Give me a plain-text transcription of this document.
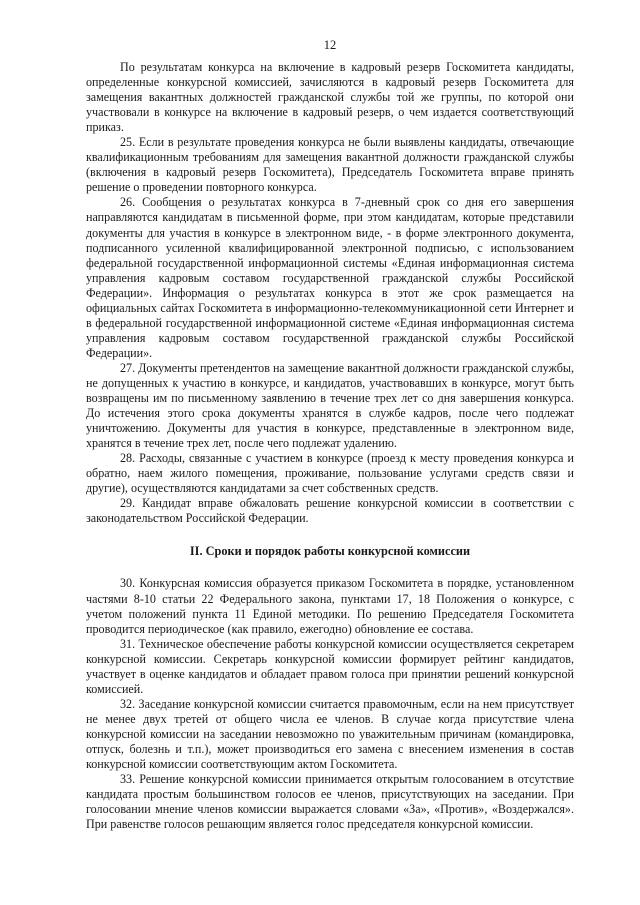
12

По результатам конкурса на включение в кадровый резерв Госкомитета кандидаты, определенные конкурсной комиссией, зачисляются в кадровый резерв Госкомитета для замещения вакантных должностей гражданской службы той же группы, по которой они участвовали в конкурсе на включение в кадровый резерв, о чем издается соответствующий приказ.

25. Если в результате проведения конкурса не были выявлены кандидаты, отвечающие квалификационным требованиям для замещения вакантной должности гражданской службы (включения в кадровый резерв Госкомитета), Председатель Госкомитета вправе принять решение о проведении повторного конкурса.

26. Сообщения о результатах конкурса в 7-дневный срок со дня его завершения направляются кандидатам в письменной форме, при этом кандидатам, которые представили документы для участия в конкурсе в электронном виде, - в форме электронного документа, подписанного усиленной квалифицированной электронной подписью, с использованием федеральной государственной информационной системы «Единая информационная система управления кадровым составом государственной гражданской службы Российской Федерации». Информация о результатах конкурса в этот же срок размещается на официальных сайтах Госкомитета в информационно-телекоммуникационной сети Интернет и в федеральной государственной информационной системе «Единая информационная система управления кадровым составом государственной гражданской службы Российской Федерации».

27. Документы претендентов на замещение вакантной должности гражданской службы, не допущенных к участию в конкурсе, и кандидатов, участвовавших в конкурсе, могут быть возвращены им по письменному заявлению в течение трех лет со дня завершения конкурса. До истечения этого срока документы хранятся в службе кадров, после чего подлежат уничтожению. Документы для участия в конкурсе, представленные в электронном виде, хранятся в течение трех лет, после чего подлежат удалению.

28. Расходы, связанные с участием в конкурсе (проезд к месту проведения конкурса и обратно, наем жилого помещения, проживание, пользование услугами средств связи и другие), осуществляются кандидатами за счет собственных средств.

29. Кандидат вправе обжаловать решение конкурсной комиссии в соответствии с законодательством Российской Федерации.

II. Сроки и порядок работы конкурсной комиссии

30. Конкурсная комиссия образуется приказом Госкомитета в порядке, установленном частями 8-10 статьи 22 Федерального закона, пунктами 17, 18 Положения о конкурсе, с учетом положений пункта 11 Единой методики. По решению Председателя Госкомитета проводится периодическое (как правило, ежегодно) обновление ее состава.

31. Техническое обеспечение работы конкурсной комиссии осуществляется секретарем конкурсной комиссии. Секретарь конкурсной комиссии формирует рейтинг кандидатов, участвует в оценке кандидатов и обладает правом голоса при принятии решений конкурсной комиссией.

32. Заседание конкурсной комиссии считается правомочным, если на нем присутствует не менее двух третей от общего числа ее членов. В случае когда присутствие члена конкурсной комиссии на заседании невозможно по уважительным причинам (командировка, отпуск, болезнь и т.п.), может производиться его замена с внесением изменения в состав конкурсной комиссии соответствующим актом Госкомитета.

33. Решение конкурсной комиссии принимается открытым голосованием в отсутствие кандидата простым большинством голосов ее членов, присутствующих на заседании. При голосовании мнение членов комиссии выражается словами «За», «Против», «Воздержался». При равенстве голосов решающим является голос председателя конкурсной комиссии.
